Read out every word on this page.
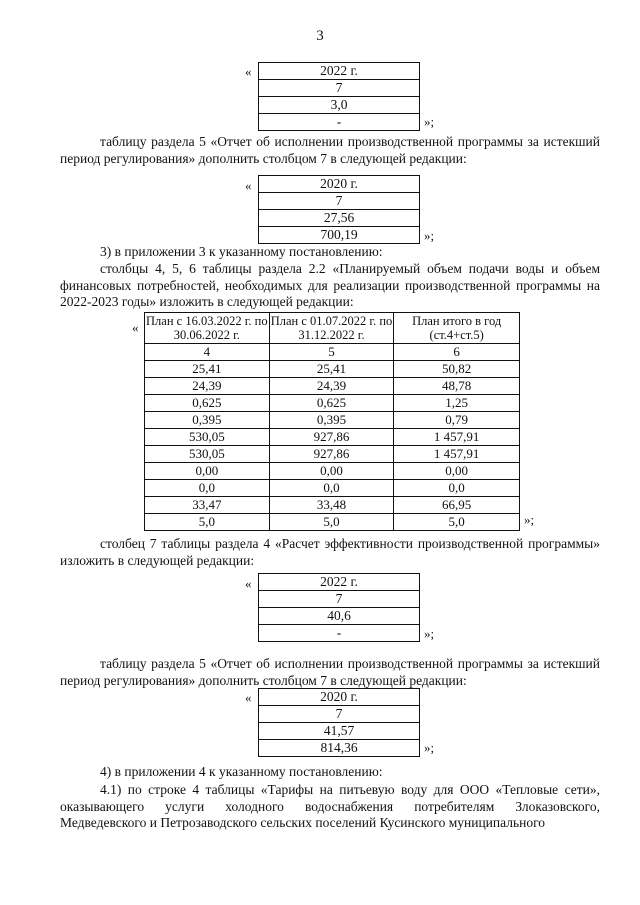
3
«	2022 г.
7
3,0
-	»;
таблицу раздела 5 «Отчет об исполнении производственной программы за истекший период регулирования» дополнить столбцом 7 в следующей редакции:
«	2020 г.
7
27,56
700,19	»;
3) в приложении 3 к указанному постановлению:
столбцы 4, 5, 6 таблицы раздела 2.2 «Планируемый объем подачи воды и объем финансовых потребностей, необходимых для реализации производственной программы на 2022-2023 годы» изложить в следующей редакции:
« План с 16.03.2022 г. по 30.06.2022 г.	План с 01.07.2022 г. по 31.12.2022 г.	План итого в год (ст.4+ст.5)
4	5	6
25,41	25,41	50,82
24,39	24,39	48,78
0,625	0,625	1,25
0,395	0,395	0,79
530,05	927,86	1 457,91
530,05	927,86	1 457,91
0,00	0,00	0,00
0,0	0,0	0,0
33,47	33,48	66,95
5,0	5,0	5,0	»;
столбец 7 таблицы раздела 4 «Расчет эффективности производственной программы» изложить в следующей редакции:
«	2022 г.
7
40,6
-	»;
таблицу раздела 5 «Отчет об исполнении производственной программы за истекший период регулирования» дополнить столбцом 7 в следующей редакции:
«	2020 г.
7
41,57
814,36	»;
4) в приложении 4 к указанному постановлению:
4.1) по строке 4 таблицы «Тарифы на питьевую воду для ООО «Тепловые сети», оказывающего услуги холодного водоснабжения потребителям Злоказовского, Медведевского и Петрозаводского сельских поселений Кусинского муниципального
